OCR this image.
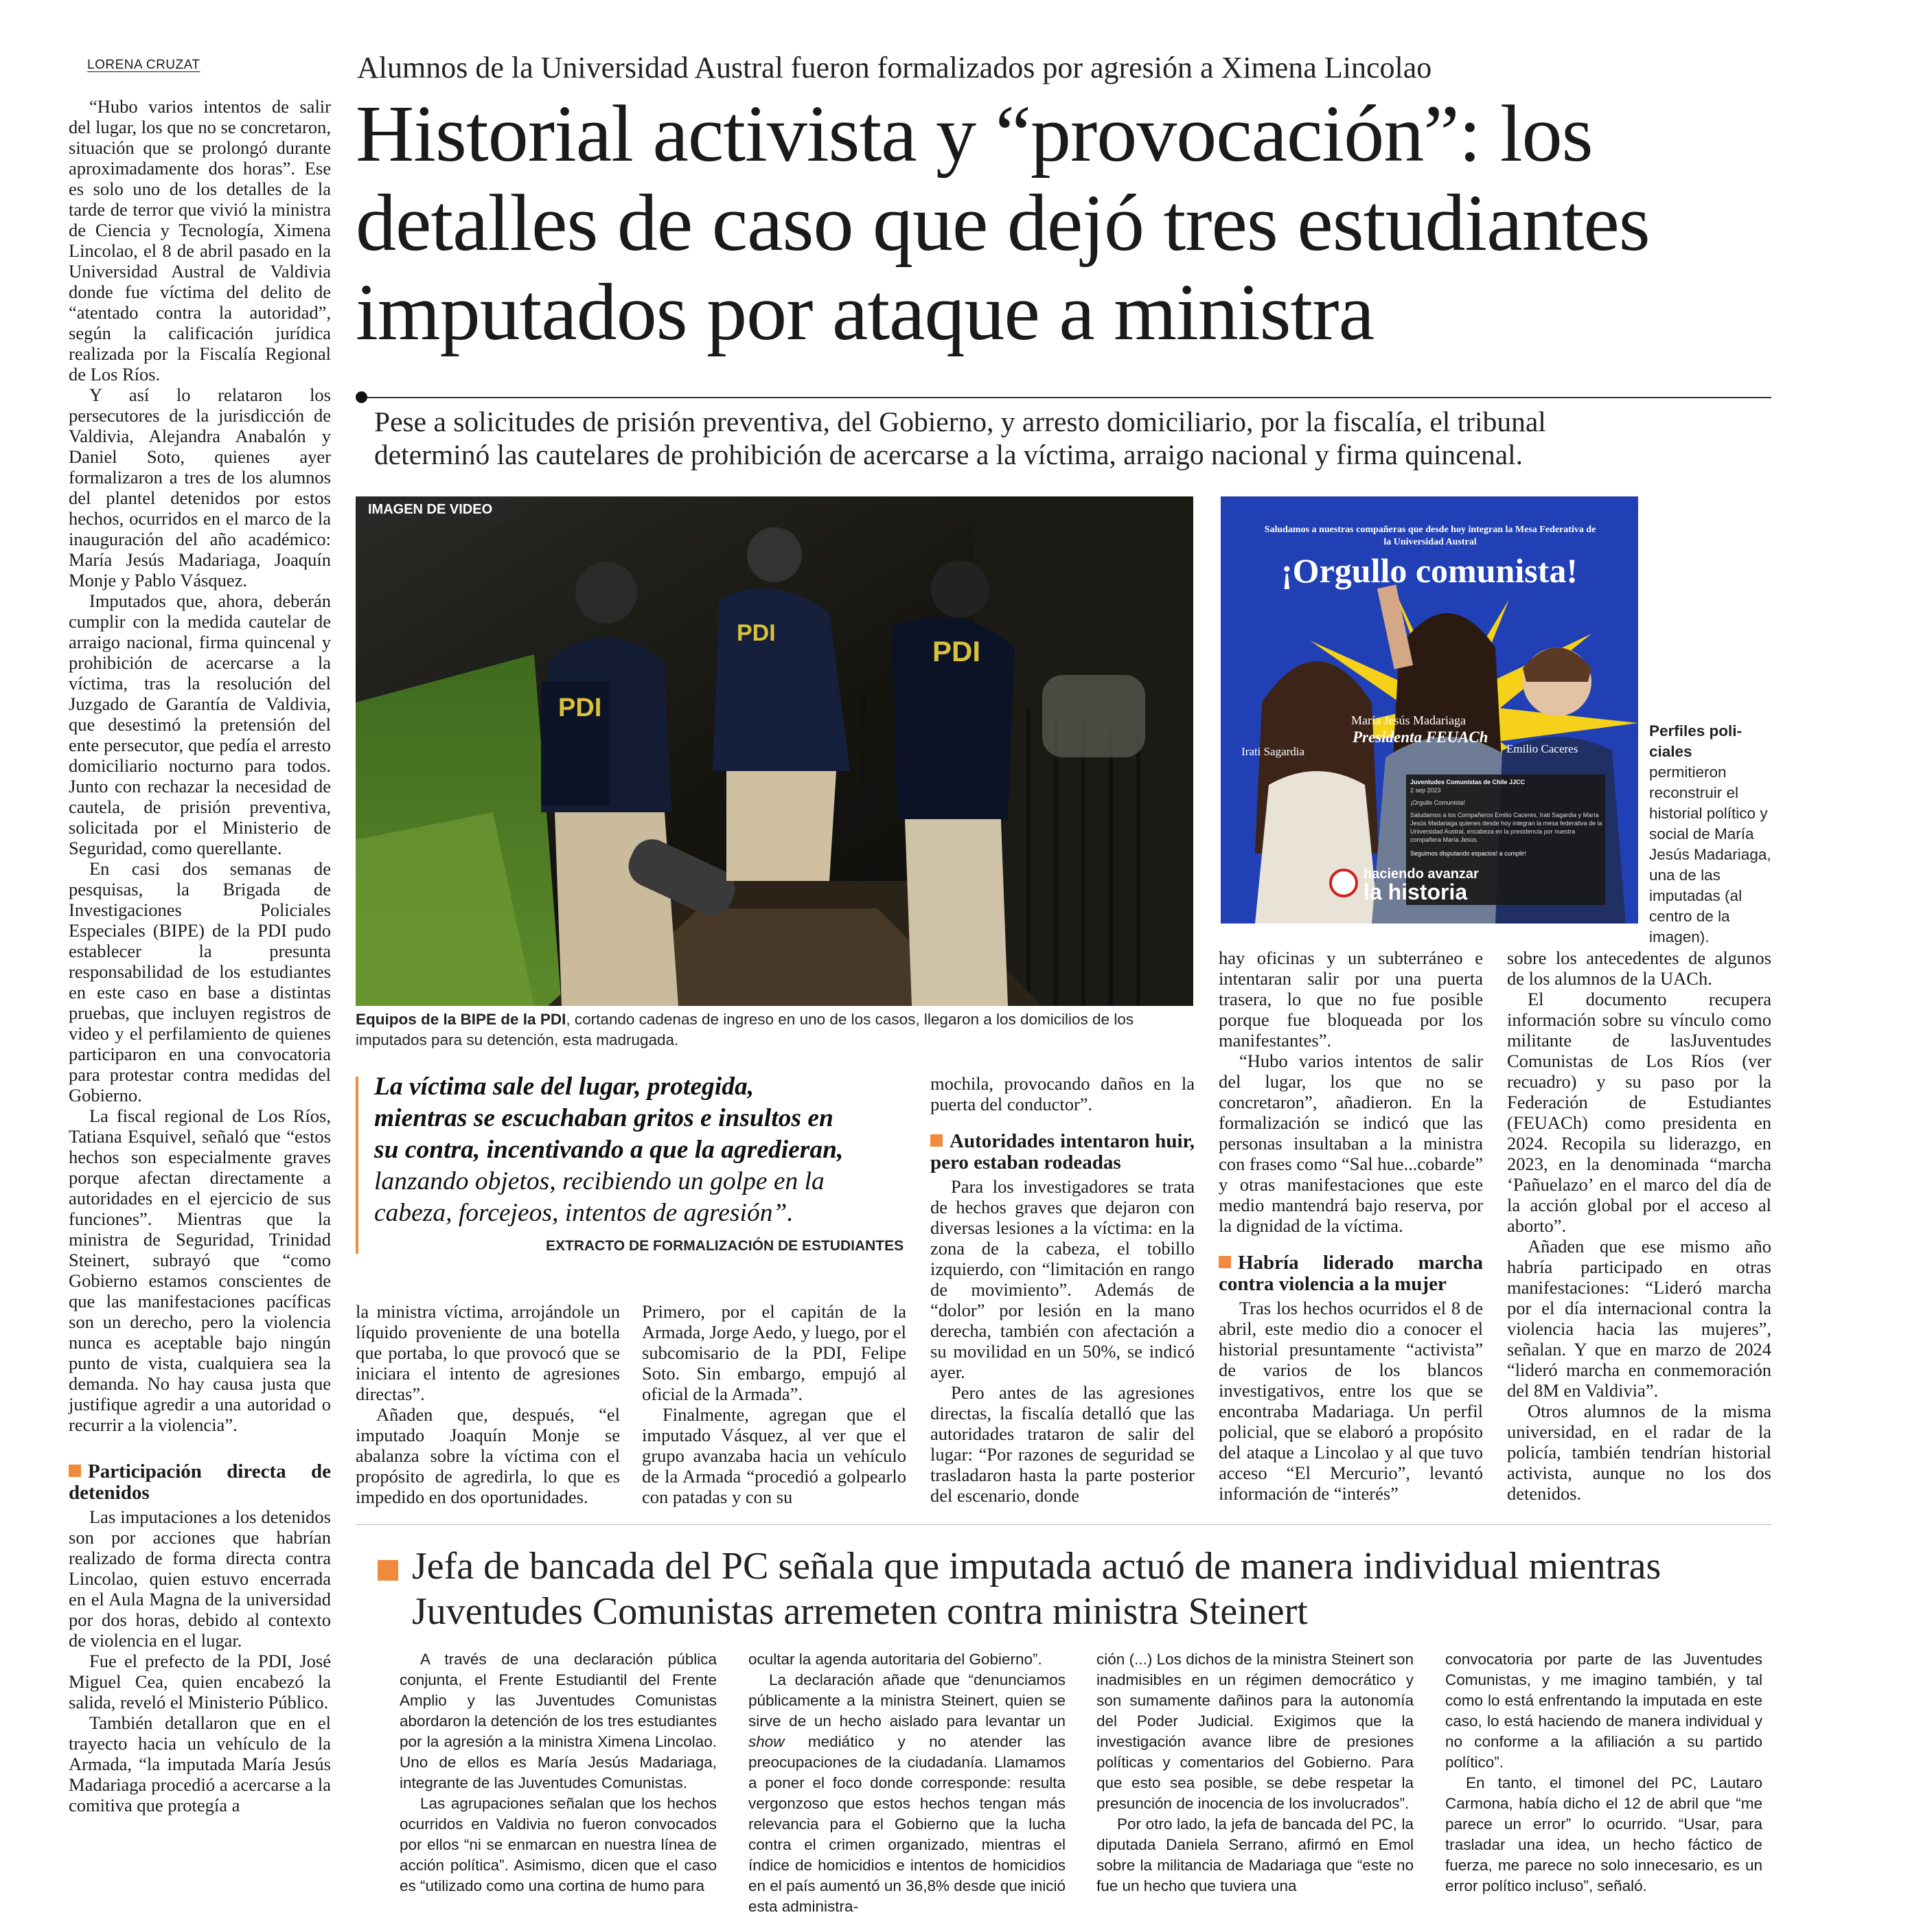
LORENA CRUZAT	Alumnos de la Universidad Austral fueron formalizados por agresión a Ximena Lincolao
Historial activista y “provocación”: los
detalles de caso que dejó tres estudiantes
imputados por ataque a ministra
Pese a solicitudes de prisión preventiva, del Gobierno, y arresto domiciliario, por la fiscalía, el tribunal
determinó las cautelares de prohibición de acercarse a la víctima, arraigo nacional y firma quincenal.

“Hubo varios intentos de salir del lugar, los que no se concretaron, situación que se prolongó durante aproximadamente dos horas”. Ese es solo uno de los detalles de la tarde de terror que vivió la ministra de Ciencia y Tecnología, Ximena Lincolao, el 8 de abril pasado en la Universidad Austral de Valdivia donde fue víctima del delito de “atentado contra la autoridad”, según la calificación jurídica realizada por la Fiscalía Regional de Los Ríos.

Y así lo relataron los persecutores de la jurisdicción de Valdivia, Alejandra Anabalón y Daniel Soto, quienes ayer formalizaron a tres de los alumnos del plantel detenidos por estos hechos, ocurridos en el marco de la inauguración del año académico: María Jesús Madariaga, Joaquín Monje y Pablo Vásquez.

Imputados que, ahora, deberán cumplir con la medida cautelar de arraigo nacional, firma quincenal y prohibición de acercarse a la víctima, tras la resolución del Juzgado de Garantía de Valdivia, que desestimó la pretensión del ente persecutor, que pedía el arresto domiciliario nocturno para todos. Junto con rechazar la necesidad de cautela, de prisión preventiva, solicitada por el Ministerio de Seguridad, como querellante.

En casi dos semanas de pesquisas, la Brigada de Investigaciones Policiales Especiales (BIPE) de la PDI pudo establecer la presunta responsabilidad de los estudiantes en este caso en base a distintas pruebas, que incluyen registros de video y el perfilamiento de quienes participaron en una convocatoria para protestar contra medidas del Gobierno.

La fiscal regional de Los Ríos, Tatiana Esquivel, señaló que “estos hechos son especialmente graves porque afectan directamente a autoridades en el ejercicio de sus funciones”. Mientras que la ministra de Seguridad, Trinidad Steinert, subrayó que “como Gobierno estamos conscientes de que las manifestaciones pacíficas son un derecho, pero la violencia nunca es aceptable bajo ningún punto de vista, cualquiera sea la demanda. No hay causa justa que justifique agredir a una autoridad o recurrir a la violencia”.

Participación directa de detenidos

Las imputaciones a los detenidos son por acciones que habrían realizado de forma directa contra Lincolao, quien estuvo encerrada en el Aula Magna de la universidad por dos horas, debido al contexto de violencia en el lugar.

Fue el prefecto de la PDI, José Miguel Cea, quien encabezó la salida, reveló el Ministerio Público.

También detallaron que en el trayecto hacia un vehículo de la Armada, “la imputada María Jesús Madariaga procedió a acercarse a la comitiva que protegía a

PDI
PDI
PDI
IMAGEN DE VIDEO
Equipos de la BIPE de la PDI, cortando cadenas de ingreso en uno de los casos, llegaron a los domicilios de los imputados para su detención, esta madrugada.
Saludamos a nuestras compañeras que desde hoy integran la Mesa Federativa de la Universidad Austral
¡Orgullo comunista!
Irati Sagardia
María Jesús Madariaga
Presidenta FEUACh
Emilio Caceres
Juventudes Comunistas de Chile JJCC
2 sep 2023
¡Orgullo Comunista!
Saludamos a los Compañeros Emilio Caceres, Irati Sagardia y María Jesús Madariaga quienes desde hoy integran la mesa federativa de la Universidad Austral, encabeza en la presidencia por nuestra compañera María Jesús.
Seguimos disputando espacios! a cumplir!
haciendo avanzar
la historia
Perfiles poli- ciales permitieron reconstruir el historial político y social de María Jesús Madariaga, una de las imputadas (al centro de la imagen).
La víctima sale del lugar, protegida,
mientras se escuchaban gritos e insultos en
su contra, incentivando a que la agredieran,
lanzando objetos, recibiendo un golpe en la
cabeza, forcejeos, intentos de agresión”.
EXTRACTO DE FORMALIZACIÓN DE ESTUDIANTES

la ministra víctima, arrojándole un líquido proveniente de una botella que portaba, lo que provocó que se iniciara el intento de agresiones directas”.

Añaden que, después, “el imputado Joaquín Monje se abalanza sobre la víctima con el propósito de agredirla, lo que es impedido en dos oportunidades.

Primero, por el capitán de la Armada, Jorge Aedo, y luego, por el subcomisario de la PDI, Felipe Soto. Sin embargo, empujó al oficial de la Armada”.

Finalmente, agregan que el imputado Vásquez, al ver que el grupo avanzaba hacia un vehículo de la Armada “procedió a golpearlo con patadas y con su

mochila, provocando daños en la puerta del conductor”.

Autoridades intentaron huir, pero estaban rodeadas

Para los investigadores se trata de hechos graves que dejaron con diversas lesiones a la víctima: en la zona de la cabeza, el tobillo izquierdo, con “limitación en rango de movimiento”. Además de “dolor” por lesión en la mano derecha, también con afectación a su movilidad en un 50%, se indicó ayer.

Pero antes de las agresiones directas, la fiscalía detalló que las autoridades trataron de salir del lugar: “Por razones de seguridad se trasladaron hasta la parte posterior del escenario, donde

hay oficinas y un subterráneo e intentaran salir por una puerta trasera, lo que no fue posible porque fue bloqueada por los manifestantes”.

“Hubo varios intentos de salir del lugar, los que no se concretaron”, añadieron. En la formalización se indicó que las personas insultaban a la ministra con frases como “Sal hue...cobarde” y otras manifestaciones que este medio mantendrá bajo reserva, por la dignidad de la víctima.

Habría liderado marcha contra violencia a la mujer

Tras los hechos ocurridos el 8 de abril, este medio dio a conocer el historial presuntamente “activista” de varios de los blancos investigativos, entre los que se encontraba Madariaga. Un perfil policial, que se elaboró a propósito del ataque a Lincolao y al que tuvo acceso “El Mercurio”, levantó información de “interés”

sobre los antecedentes de algunos de los alumnos de la UACh.

El documento recupera información sobre su vínculo como militante de lasJuventudes Comunistas de Los Ríos (ver recuadro) y su paso por la Federación de Estudiantes (FEUACh) como presidenta en 2024. Recopila su liderazgo, en 2023, en la denominada “marcha ‘Pañuelazo’ en el marco del día de la acción global por el acceso al aborto”.

Añaden que ese mismo año habría participado en otras manifestaciones: “Lideró marcha por el día internacional contra la violencia hacia las mujeres”, señalan. Y que en marzo de 2024 “lideró marcha en conmemoración del 8M en Valdivia”.

Otros alumnos de la misma universidad, en el radar de la policía, también tendrían historial activista, aunque no los dos detenidos.

Jefa de bancada del PC señala que imputada actuó de manera individual mientras
Juventudes Comunistas arremeten contra ministra Steinert

A través de una declaración pública conjunta, el Frente Estudiantil del Frente Amplio y las Juventudes Comunistas abordaron la detención de los tres estudiantes por la agresión a la ministra Ximena Lincolao. Uno de ellos es María Jesús Madariaga, integrante de las Juventudes Comunistas.

Las agrupaciones señalan que los hechos ocurridos en Valdivia no fueron convocados por ellos “ni se enmarcan en nuestra línea de acción política”. Asimismo, dicen que el caso es “utilizado como una cortina de humo para

ocultar la agenda autoritaria del Gobierno”.

La declaración añade que “denunciamos públicamente a la ministra Steinert, quien se sirve de un hecho aislado para levantar un show mediático y no atender las preocupaciones de la ciudadanía. Llamamos a poner el foco donde corresponde: resulta vergonzoso que estos hechos tengan más relevancia para el Gobierno que la lucha contra el crimen organizado, mientras el índice de homicidios e intentos de homicidios en el país aumentó un 36,8% desde que inició esta administra-

ción (...) Los dichos de la ministra Steinert son inadmisibles en un régimen democrático y son sumamente dañinos para la autonomía del Poder Judicial. Exigimos que la investigación avance libre de presiones políticas y comentarios del Gobierno. Para que esto sea posible, se debe respetar la presunción de inocencia de los involucrados”.

Por otro lado, la jefa de bancada del PC, la diputada Daniela Serrano, afirmó en Emol sobre la militancia de Madariaga que “este no fue un hecho que tuviera una

convocatoria por parte de las Juventudes Comunistas, y me imagino también, y tal como lo está enfrentando la imputada en este caso, lo está haciendo de manera individual y no conforme a la afiliación a su partido político”.

En tanto, el timonel del PC, Lautaro Carmona, había dicho el 12 de abril que “me parece un error” lo ocurrido. “Usar, para trasladar una idea, un hecho fáctico de fuerza, me parece no solo innecesario, es un error político incluso”, señaló.
